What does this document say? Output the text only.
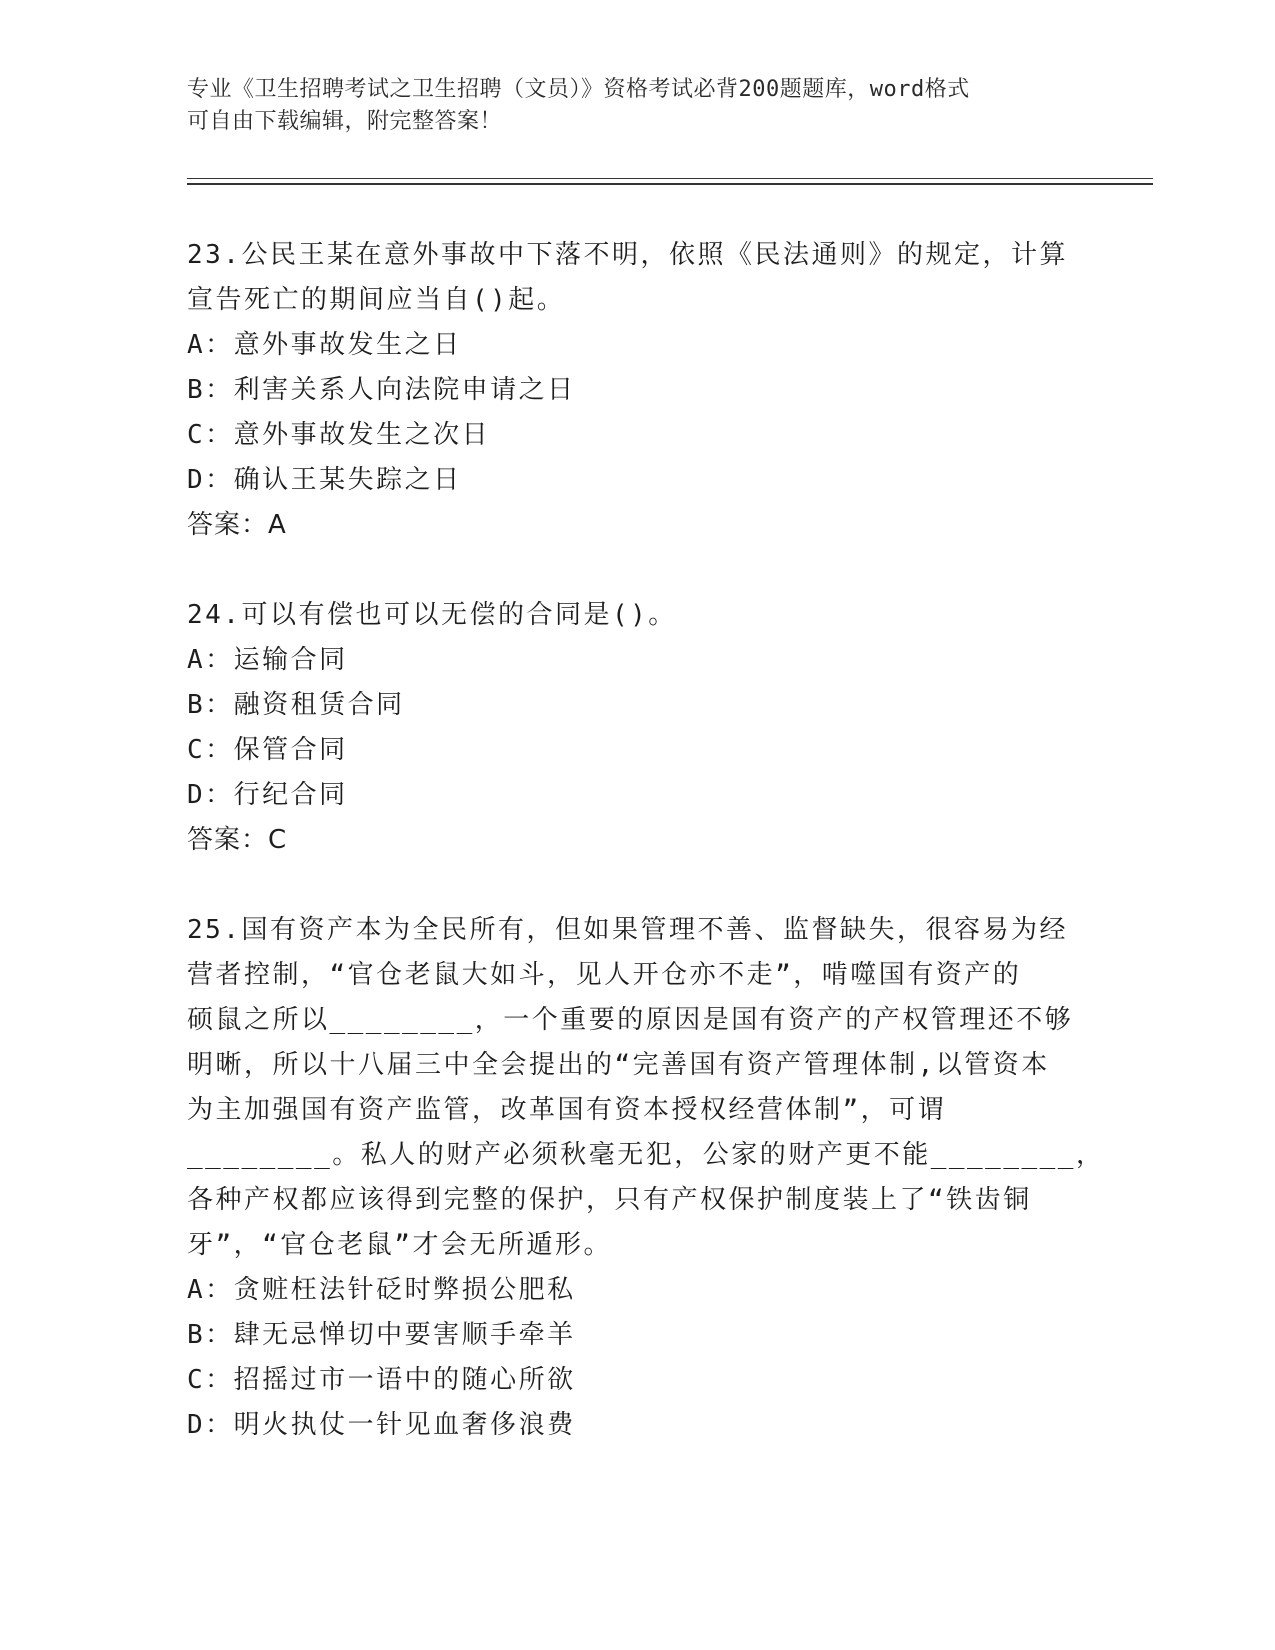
专业《卫生招聘考试之卫生招聘（文员）》资格考试必背200题题库，word格式
可自由下载编辑，附完整答案！
23.公民王某在意外事故中下落不明，依照《民法通则》的规定，计算
宣告死亡的期间应当自()起。
A：意外事故发生之日
B：利害关系人向法院申请之日
C：意外事故发生之次日
D：确认王某失踪之日
答案：A
24.可以有偿也可以无偿的合同是()。
A：运输合同
B：融资租赁合同
C：保管合同
D：行纪合同
答案：C
25.国有资产本为全民所有，但如果管理不善、监督缺失，很容易为经
营者控制，“官仓老鼠大如斗，见人开仓亦不走”，啃噬国有资产的
硕鼠之所以________，一个重要的原因是国有资产的产权管理还不够
明晰，所以十八届三中全会提出的“完善国有资产管理体制,以管资本
为主加强国有资产监管，改革国有资本授权经营体制”，可谓
________。私人的财产必须秋毫无犯，公家的财产更不能________，
各种产权都应该得到完整的保护，只有产权保护制度装上了“铁齿铜
牙”，“官仓老鼠”才会无所遁形。
A：贪赃枉法针砭时弊损公肥私
B：肆无忌惮切中要害顺手牵羊
C：招摇过市一语中的随心所欲
D：明火执仗一针见血奢侈浪费
